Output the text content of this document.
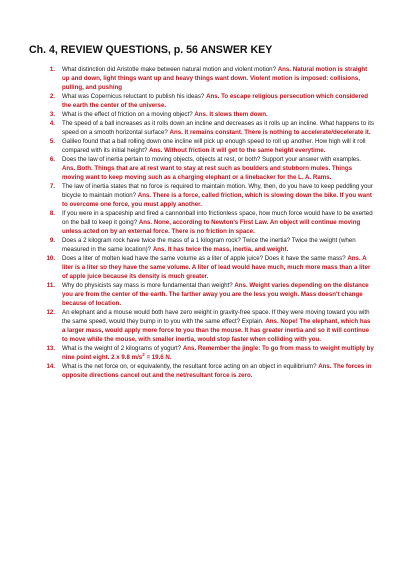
Ch. 4, REVIEW QUESTIONS, p. 56 ANSWER KEY
1. What distinction did Aristotle make between natural motion and violent motion? Ans. Natural motion is straight up and down, light things want up and heavy things want down. Violent motion is imposed: collisions, pulling, and pushing
2. What was Copernicus reluctant to publish his ideas? Ans. To escape religious persecution which considered the earth the center of the universe.
3. What is the effect of friction on a moving object? Ans. It slows them down.
4. The speed of a ball increases as it rolls down an incline and decreases as it rolls up an incline. What happens to its speed on a smooth horizontal surface? Ans. It remains constant. There is nothing to accelerate/decelerate it.
5. Galileo found that a ball rolling down one incline will pick up enough speed to roll up another. How high will it roll compared with its initial height? Ans. Without friction it will get to the same height everytime.
6. Does the law of inertia pertain to moving objects, objects at rest, or both? Support your answer with examples. Ans. Both. Things that are at rest want to stay at rest such as boulders and stubborn mules. Things moving want to keep moving such as a charging elephant or a linebacker for the L. A. Rams.
7. The law of inertia states that no force is required to maintain motion. Why, then, do you have to keep peddling your bicycle to maintain motion? Ans. There is a force, called friction, which is slowing down the bike. If you want to overcome one force, you must apply another.
8. If you were in a spaceship and fired a cannonball into frictionless space, how much force would have to be exerted on the ball to keep it going? Ans. None, according to Newton's First Law. An object will continue moving unless acted on by an external force. There is no friction in space.
9. Does a 2 kilogram rock have twice the mass of a 1 kilogram rock? Twice the inertia? Twice the weight (when measured in the same location)? Ans. It has twice the mass, inertia, and weight.
10. Does a liter of molten lead have the same volume as a liter of apple juice? Does it have the same mass? Ans. A liter is a liter so they have the same volume. A liter of lead would have much, much more mass than a liter of apple juice because its density is much greater.
11. Why do physicists say mass is more fundamental than weight? Ans. Weight varies depending on the distance you are from the center of the earth. The farther away you are the less you weigh. Mass doesn't change because of location.
12. An elephant and a mouse would both have zero weight in gravity-free space. If they were moving toward you with the same speed, would they bump in to you with the same effect? Explain. Ans. Nope! The elephant, which has a larger mass, would apply more force to you than the mouse. It has greater inertia and so it will continue to move while the mouse, with smaller inertia, would stop faster when colliding with you.
13. What is the weight of 2 kilograms of yogurt? Ans. Remember the jingle: To go from mass to weight multiply by nine point eight. 2 x 9.8 $m/s^2 = 19.6$ N.
14. What is the net force on, or equivalently, the resultant force acting on an object in equilibrium? Ans. The forces in opposite directions cancel out and the net/resultant force is zero.
